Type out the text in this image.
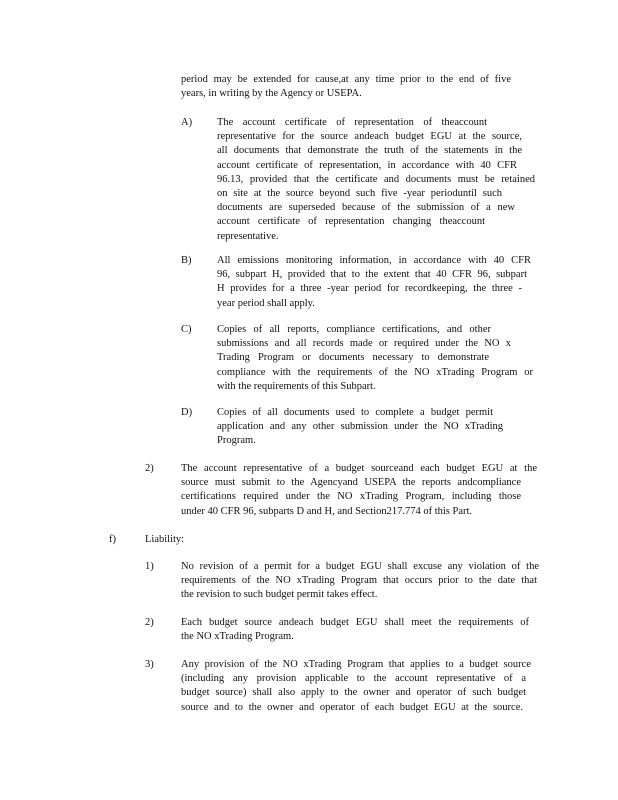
period may be extended for cause,at any time prior to the end of five
years, in writing by the Agency or USEPA.
A) The account certificate of representation of theaccount
representative for the source andeach budget EGU at the source,
all documents that demonstrate the truth of the statements in the
account certificate of representation, in accordance with 40 CFR
96.13, provided that the certificate and documents must be retained
on site at the source beyond such five -year perioduntil such
documents are superseded because of the submission of a new
account certificate of representation changing theaccount
representative.
B) All emissions monitoring information, in accordance with 40 CFR
96, subpart H, provided that to the extent that 40 CFR 96, subpart
H provides for a three -year period for recordkeeping, the three -
year period shall apply.
C) Copies of all reports, compliance certifications, and other
submissions and all records made or required under the NO x
Trading Program or documents necessary to demonstrate
compliance with the requirements of the NO xTrading Program or
with the requirements of this Subpart.
D) Copies of all documents used to complete a budget permit
application and any other submission under the NO xTrading
Program.
2)	The account representative of a budget sourceand each budget EGU at the
source must submit to the Agencyand USEPA the reports andcompliance
certifications required under the NO xTrading Program, including those
under 40 CFR 96, subparts D and H, and Section217.774 of this Part.
f)	Liability:
1)	No revision of a permit for a budget EGU shall excuse any violation of the
requirements of the NO xTrading Program that occurs prior to the date that
the revision to such budget permit takes effect.
2)	Each budget source andeach budget EGU shall meet the requirements of
the NO xTrading Program.
3)	Any provision of the NO xTrading Program that applies to a budget source
(including any provision applicable to the account representative of a
budget source) shall also apply to the owner and operator of such budget
source and to the owner and operator of each budget EGU at the source.
